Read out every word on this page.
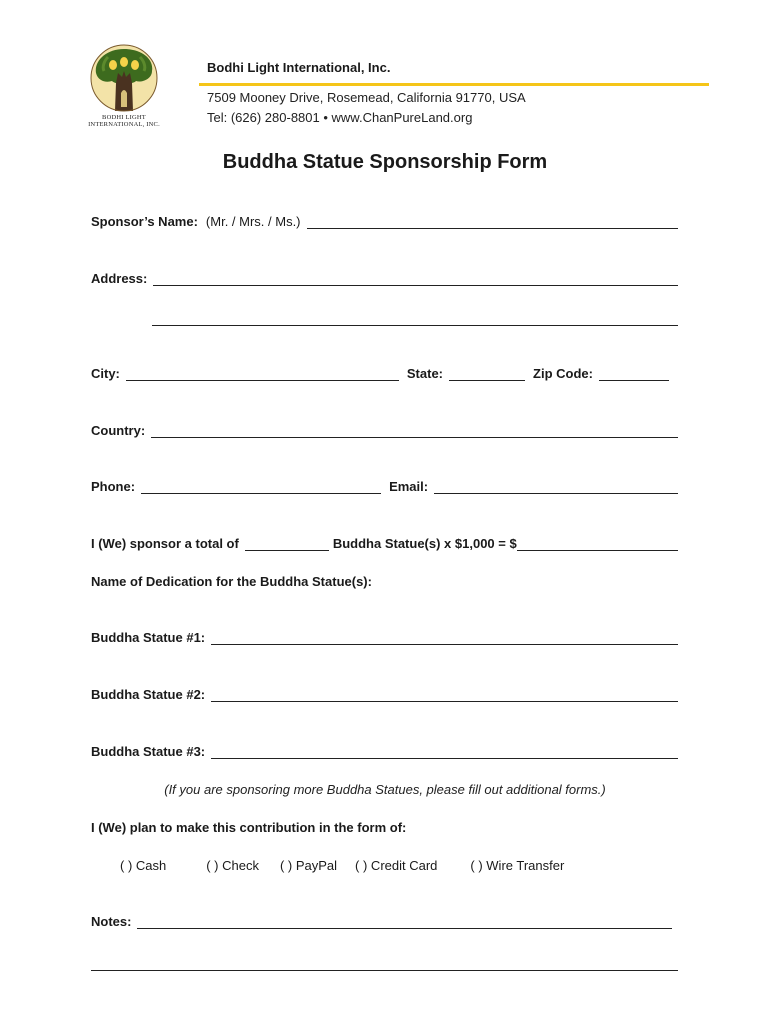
BODHI LIGHT
INTERNATIONAL, INC.
Bodhi Light International, Inc.
7509 Mooney Drive, Rosemead, California 91770, USA
Tel: (626) 280-8801 • www.ChanPureLand.org
Buddha Statue Sponsorship Form
Sponsor’s Name: (Mr. / Mrs. / Ms.)
Address:
City:	State:	Zip Code:
Country:
Phone:	Email:
I (We) sponsor a total of	Buddha Statue(s) x $1,000 = $
Name of Dedication for the Buddha Statue(s):
Buddha Statue #1:
Buddha Statue #2:
Buddha Statue #3:
(If you are sponsoring more Buddha Statues, please fill out additional forms.)
I (We) plan to make this contribution in the form of:
( ) Cash	( ) Check ( ) PayPal ( ) Credit Card	( ) Wire Transfer
Notes:
